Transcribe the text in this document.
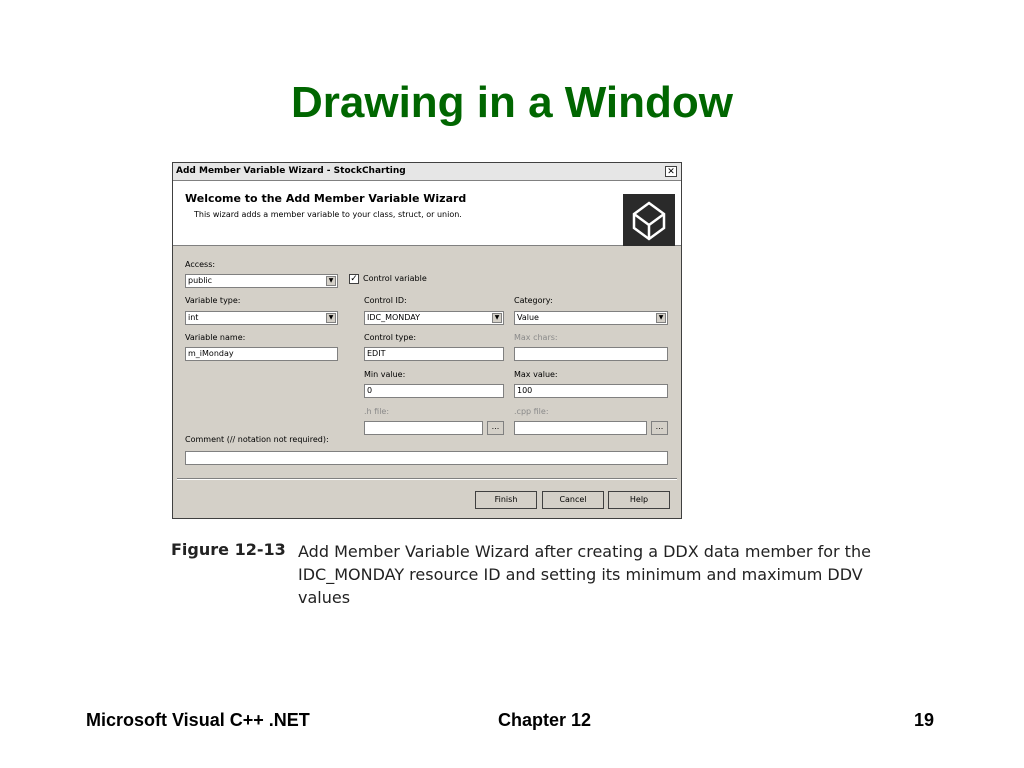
Drawing in a Window
Add Member Variable Wizard - StockCharting	✕
Welcome to the Add Member Variable Wizard
This wizard adds a member variable to your class, struct, or union.
Access:
public	▼
Variable type:
int	▼
Variable name:
m_iMonday
✓ Control variable
Control ID:
IDC_MONDAY	▼
Control type:
EDIT
Min value:
0
.h file:
...
Category:
Value	▼
Max chars:
Max value:
100
.cpp file:
...
Comment (// notation not required):
Finish	Cancel	Help
Figure 12-13 Add Member Variable Wizard after creating a DDX data member for the IDC_MONDAY resource ID and setting its minimum and maximum DDV values
Microsoft Visual C++ .NET	Chapter 12	19
